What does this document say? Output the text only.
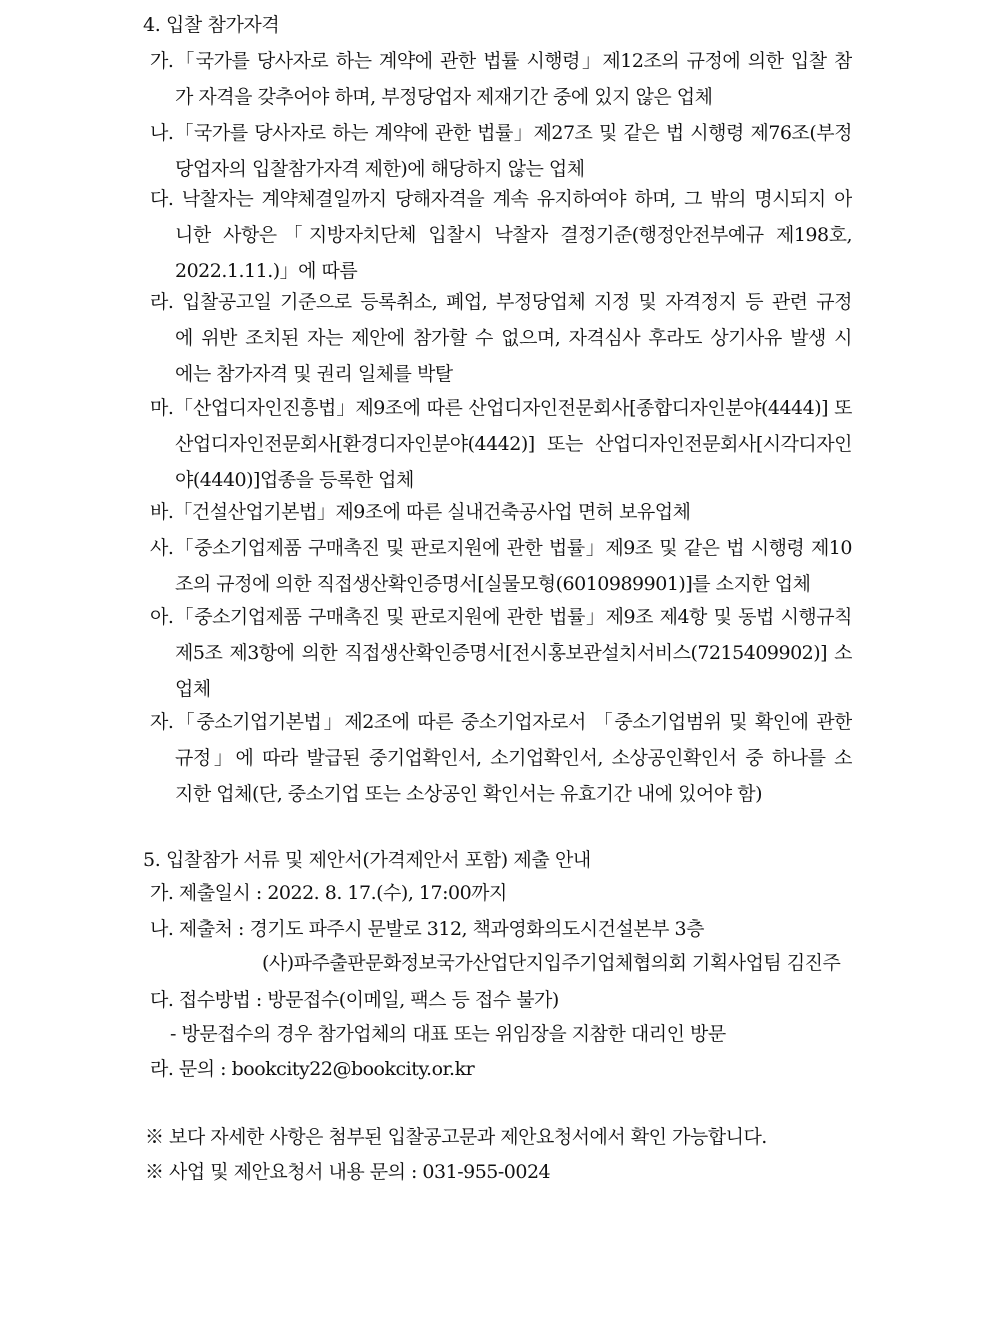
4. 입찰 참가자격
가.「국가를 당사자로 하는 계약에 관한 법률 시행령」제12조의 규정에 의한 입찰 참
가 자격을 갖추어야 하며, 부정당업자 제재기간 중에 있지 않은 업체
나.「국가를 당사자로 하는 계약에 관한 법률」제27조 및 같은 법 시행령 제76조(부정
당업자의 입찰참가자격 제한)에 해당하지 않는 업체
다. 낙찰자는 계약체결일까지 당해자격을 계속 유지하여야 하며, 그 밖의 명시되지 아
니한 사항은「지방자치단체 입찰시 낙찰자 결정기준(행정안전부예규 제198호,
2022.1.11.)」에 따름
라. 입찰공고일 기준으로 등록취소, 폐업, 부정당업체 지정 및 자격정지 등 관련 규정
에 위반 조치된 자는 제안에 참가할 수 없으며, 자격심사 후라도 상기사유 발생 시
에는 참가자격 및 권리 일체를 박탈
마.「산업디자인진흥법」제9조에 따른 산업디자인전문회사[종합디자인분야(4444)] 또
산업디자인전문회사[환경디자인분야(4442)] 또는 산업디자인전문회사[시각디자인
야(4440)]업종을 등록한 업체
바.「건설산업기본법」제9조에 따른 실내건축공사업 면허 보유업체
사.「중소기업제품 구매촉진 및 판로지원에 관한 법률」제9조 및 같은 법 시행령 제10
조의 규정에 의한 직접생산확인증명서[실물모형(6010989901)]를 소지한 업체
아.「중소기업제품 구매촉진 및 판로지원에 관한 법률」제9조 제4항 및 동법 시행규칙
제5조 제3항에 의한 직접생산확인증명서[전시홍보관설치서비스(7215409902)] 소
업체
자.「중소기업기본법」제2조에 따른 중소기업자로서 「중소기업범위 및 확인에 관한
규정」에 따라 발급된 중기업확인서, 소기업확인서, 소상공인확인서 중 하나를 소
지한 업체(단, 중소기업 또는 소상공인 확인서는 유효기간 내에 있어야 함)
5. 입찰참가 서류 및 제안서(가격제안서 포함) 제출 안내
가. 제출일시 : 2022. 8. 17.(수), 17:00까지
나. 제출처 : 경기도 파주시 문발로 312, 책과영화의도시건설본부 3층
(사)파주출판문화정보국가산업단지입주기업체협의회 기획사업팀 김진주
다. 접수방법 : 방문접수(이메일, 팩스 등 접수 불가)
- 방문접수의 경우 참가업체의 대표 또는 위임장을 지참한 대리인 방문
라. 문의 : bookcity22@bookcity.or.kr
※ 보다 자세한 사항은 첨부된 입찰공고문과 제안요청서에서 확인 가능합니다.
※ 사업 및 제안요청서 내용 문의 : 031-955-0024
